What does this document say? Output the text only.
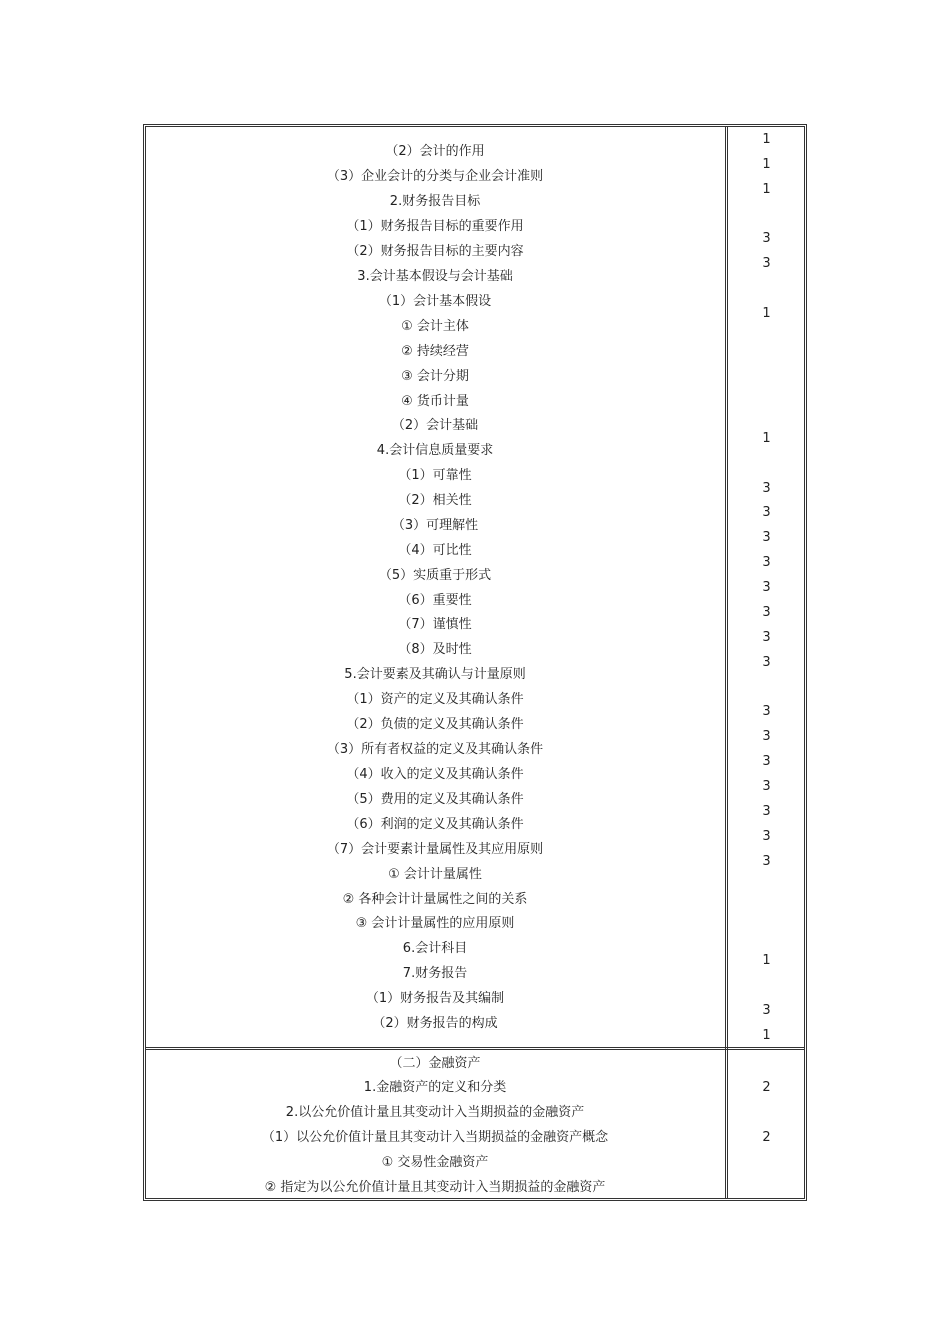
（2）会计的作用
（3）企业会计的分类与企业会计准则
2.财务报告目标
（1）财务报告目标的重要作用
（2）财务报告目标的主要内容
3.会计基本假设与会计基础
（1）会计基本假设
① 会计主体
② 持续经营
③ 会计分期
④ 货币计量
（2）会计基础
4.会计信息质量要求
（1）可靠性
（2）相关性
（3）可理解性
（4）可比性
（5）实质重于形式
（6）重要性
（7）谨慎性
（8）及时性
5.会计要素及其确认与计量原则
（1）资产的定义及其确认条件
（2）负债的定义及其确认条件
（3）所有者权益的定义及其确认条件
（4）收入的定义及其确认条件
（5）费用的定义及其确认条件
（6）利润的定义及其确认条件
（7）会计要素计量属性及其应用原则
① 会计计量属性
② 各种会计计量属性之间的关系
③ 会计计量属性的应用原则
6.会计科目
7.财务报告
（1）财务报告及其编制
（2）财务报告的构成
1
1
1
3
3
1
1
3
3
3
3
3
3
3
3
3
3
3
3
3
3
3
1
3
1
（二）金融资产
1.金融资产的定义和分类
2.以公允价值计量且其变动计入当期损益的金融资产
（1）以公允价值计量且其变动计入当期损益的金融资产概念
① 交易性金融资产
② 指定为以公允价值计量且其变动计入当期损益的金融资产
2
2
